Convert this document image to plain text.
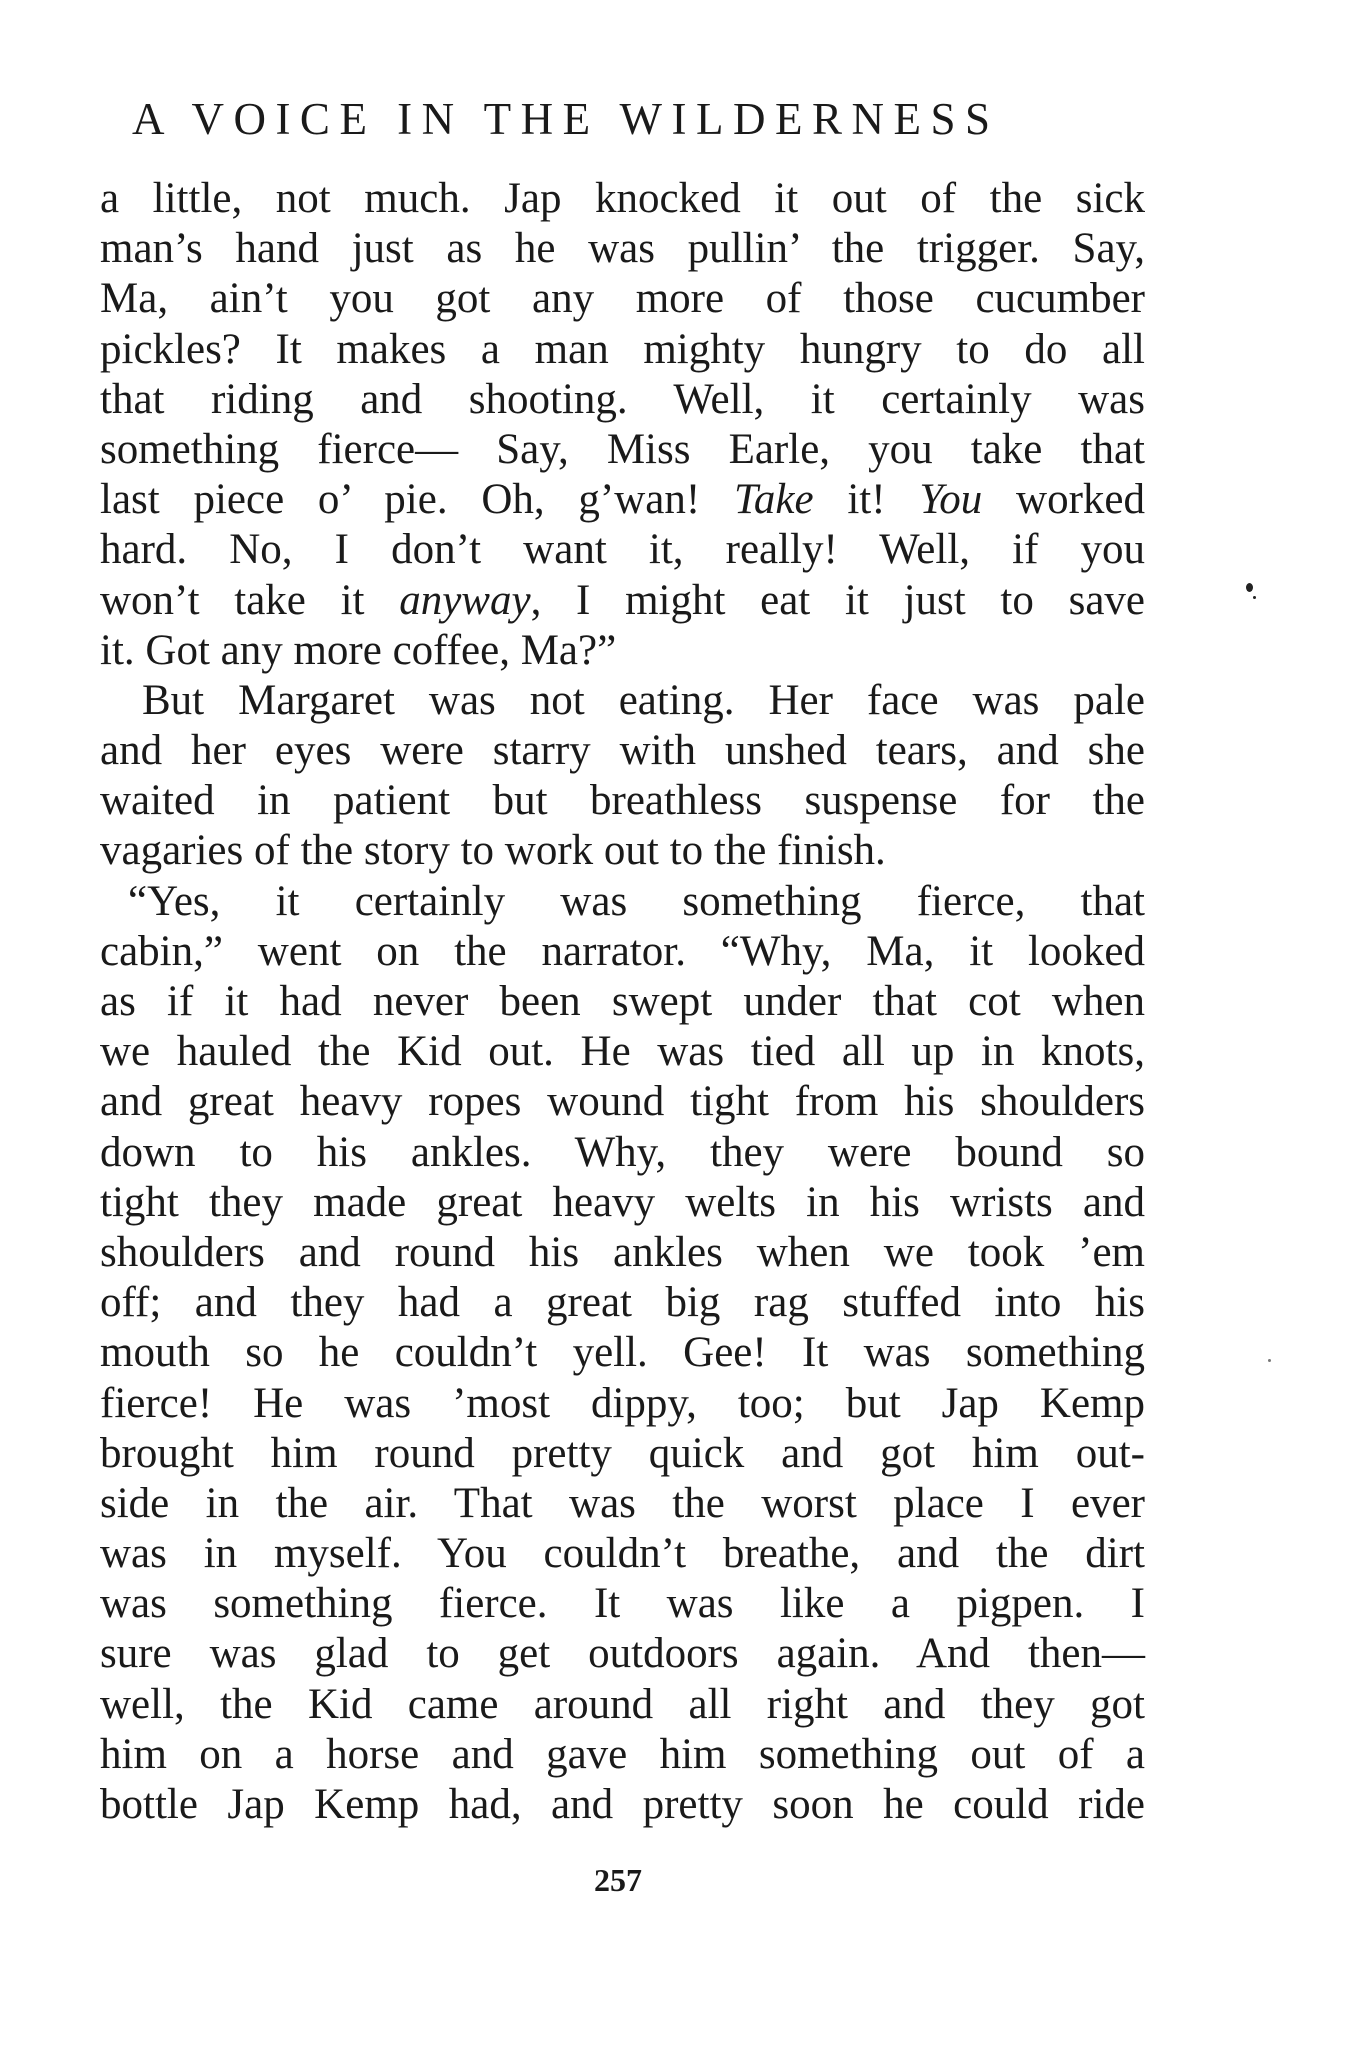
A VOICE IN THE WILDERNESS
a little, not much. Jap knocked it out of the sick
man’s hand just as he was pullin’ the trigger. Say,
Ma, ain’t you got any more of those cucumber
pickles? It makes a man mighty hungry to do all
that riding and shooting. Well, it certainly was
something fierce— Say, Miss Earle, you take that
last piece o’ pie. Oh, g’wan! Take it! You worked
hard. No, I don’t want it, really! Well, if you
won’t take it anyway, I might eat it just to save
it. Got any more coffee, Ma?”
But Margaret was not eating. Her face was pale
and her eyes were starry with unshed tears, and she
waited in patient but breathless suspense for the
vagaries of the story to work out to the finish.
“Yes, it certainly was something fierce, that
cabin,” went on the narrator. “Why, Ma, it looked
as if it had never been swept under that cot when
we hauled the Kid out. He was tied all up in knots,
and great heavy ropes wound tight from his shoulders
down to his ankles. Why, they were bound so
tight they made great heavy welts in his wrists and
shoulders and round his ankles when we took ’em
off; and they had a great big rag stuffed into his
mouth so he couldn’t yell. Gee! It was something
fierce! He was ’most dippy, too; but Jap Kemp
brought him round pretty quick and got him out-
side in the air. That was the worst place I ever
was in myself. You couldn’t breathe, and the dirt
was something fierce. It was like a pigpen. I
sure was glad to get outdoors again. And then—
well, the Kid came around all right and they got
him on a horse and gave him something out of a
bottle Jap Kemp had, and pretty soon he could ride
257
